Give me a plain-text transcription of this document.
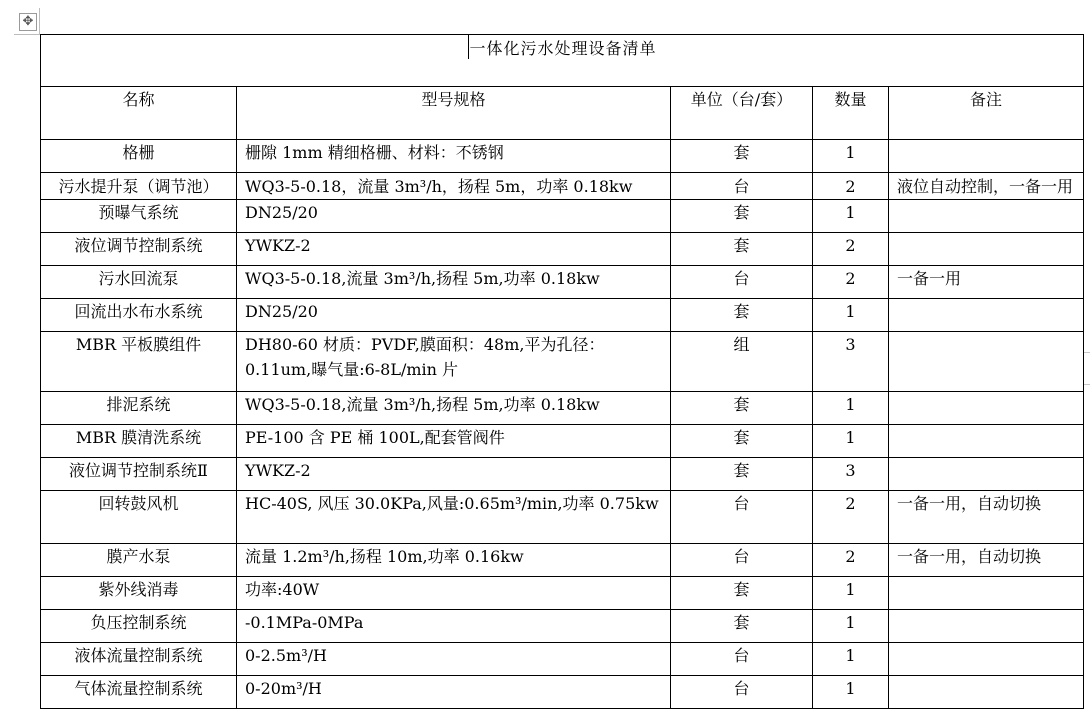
✥
一体化污水处理设备清单				
名称	型号规格	单位（台/套）	数量	备注
格栅	栅隙 1mm 精细格栅、材料：不锈钢	套	1	
污水提升泵（调节池）	WQ3-5-0.18，流量 3m³/h，扬程 5m，功率 0.18kw	台	2	液位自动控制，一备一用
预曝气系统	DN25/20	套	1	
液位调节控制系统	YWKZ-2	套	2	
污水回流泵	WQ3-5-0.18,流量 3m³/h,扬程 5m,功率 0.18kw	台	2	一备一用
回流出水布水系统	DN25/20	套	1	
MBR 平板膜组件	DH80-60 材质：PVDF,膜面积：48m,平为孔径：0.11um,曝气量:6-8L/min 片	组	3	
排泥系统	WQ3-5-0.18,流量 3m³/h,扬程 5m,功率 0.18kw	套	1	
MBR 膜清洗系统	PE-100 含 PE 桶 100L,配套管阀件	套	1	
液位调节控制系统Ⅱ	YWKZ-2	套	3	
回转鼓风机	HC-40S, 风压 30.0KPa,风量:0.65m³/min,功率 0.75kw	台	2	一备一用，自动切换
膜产水泵	流量 1.2m³/h,扬程 10m,功率 0.16kw	台	2	一备一用，自动切换
紫外线消毒	功率:40W	套	1	
负压控制系统	-0.1MPa-0MPa	套	1	
液体流量控制系统	0-2.5m³/H	台	1	
气体流量控制系统	0-20m³/H	台	1	
